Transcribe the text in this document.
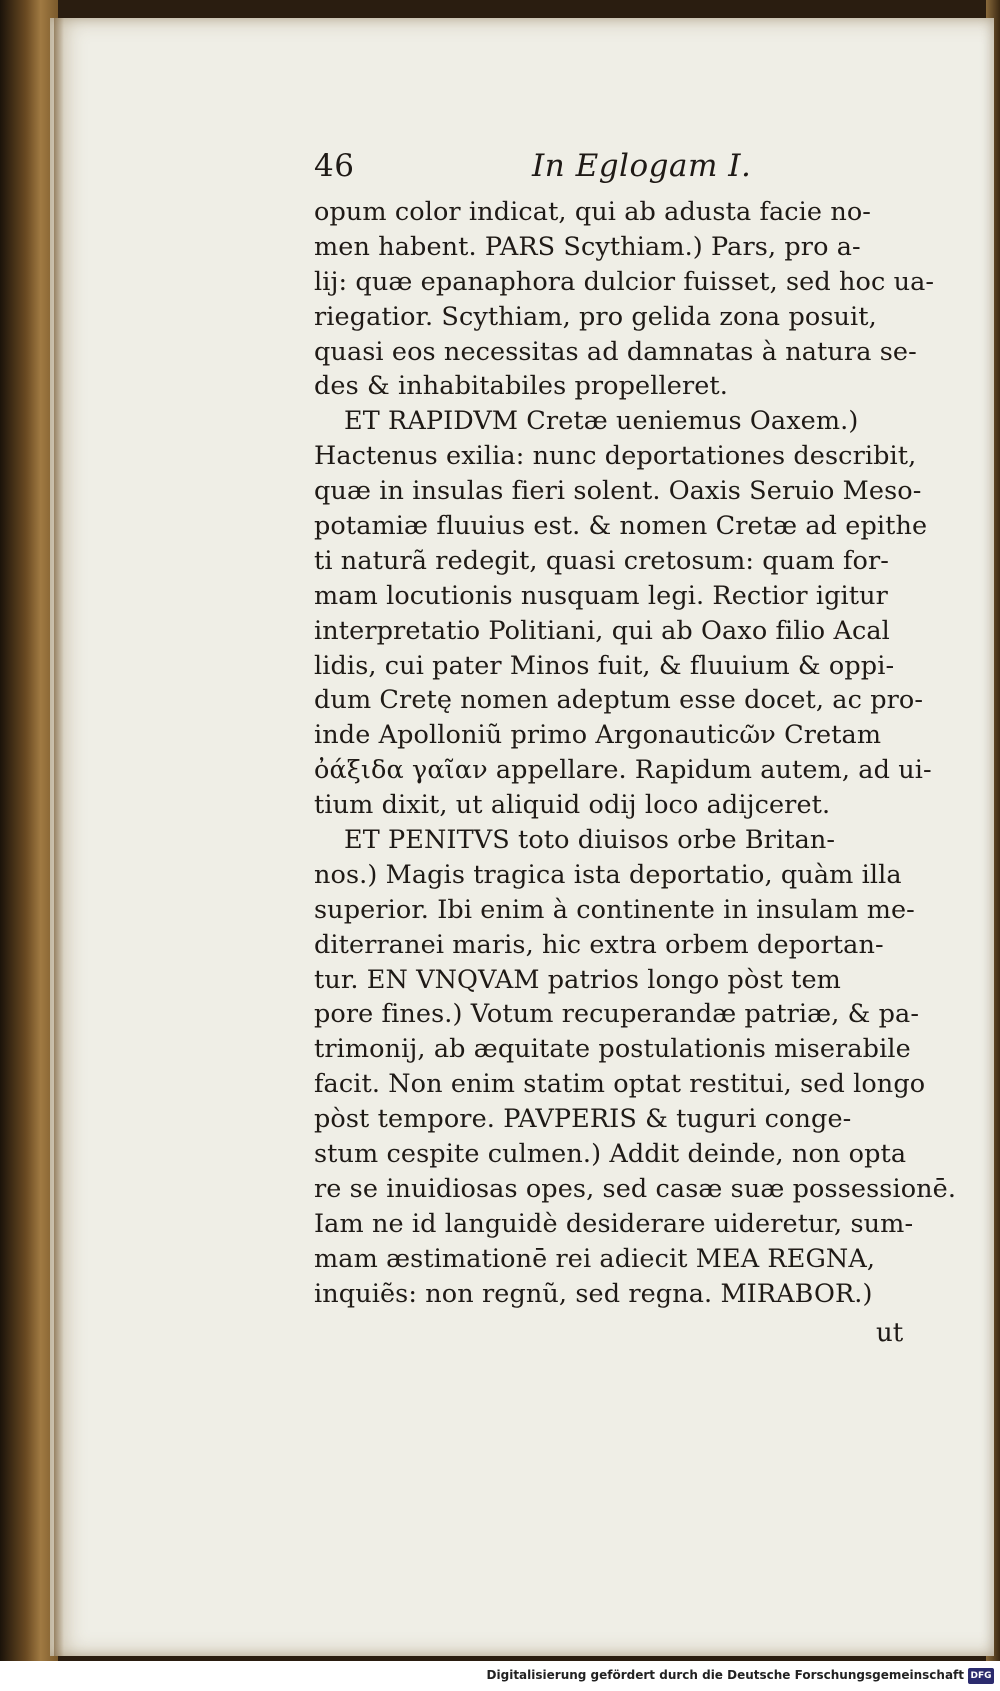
46	In Eglogam I.
opum color indicat, qui ab adusta facie no-
men habent. PARS Scythiam.) Pars, pro a-
lij: quæ epanaphora dulcior fuisset, sed hoc ua-
riegatior. Scythiam, pro gelida zona posuit,
quasi eos necessitas ad damnatas à natura se-
des & inhabitabiles propelleret.
ET RAPIDVM Cretæ ueniemus Oaxem.)
Hactenus exilia: nunc deportationes describit,
quæ in insulas fieri solent. Oaxis Seruio Meso-
potamiæ fluuius est. & nomen Cretæ ad epithe
ti naturã redegit, quasi cretosum: quam for-
mam locutionis nusquam legi. Rectior igitur
interpretatio Politiani, qui ab Oaxo filio Acal
lidis, cui pater Minos fuit, & fluuium & oppi-
dum Cretę nomen adeptum esse docet, ac pro-
inde Apolloniũ primo Argonauticῶν Cretam
ὀάξιδα γαῖαν appellare. Rapidum autem, ad ui-
tium dixit, ut aliquid odij loco adijceret.
ET PENITVS toto diuisos orbe Britan-
nos.) Magis tragica ista deportatio, quàm illa
superior. Ibi enim à continente in insulam me-
diterranei maris, hic extra orbem deportan-
tur. EN VNQVAM patrios longo pòst tem
pore fines.) Votum recuperandæ patriæ, & pa-
trimonij, ab æquitate postulationis miserabile
facit. Non enim statim optat restitui, sed longo
pòst tempore. PAVPERIS & tuguri conge-
stum cespite culmen.) Addit deinde, non opta
re se inuidiosas opes, sed casæ suæ possessionē.
Iam ne id languidè desiderare uideretur, sum-
mam æstimationē rei adiecit MEA REGNA,
inquiẽs: non regnũ, sed regna. MIRABOR.)
ut
Digitalisierung gefördert durch die Deutsche Forschungsgemeinschaft DFG
